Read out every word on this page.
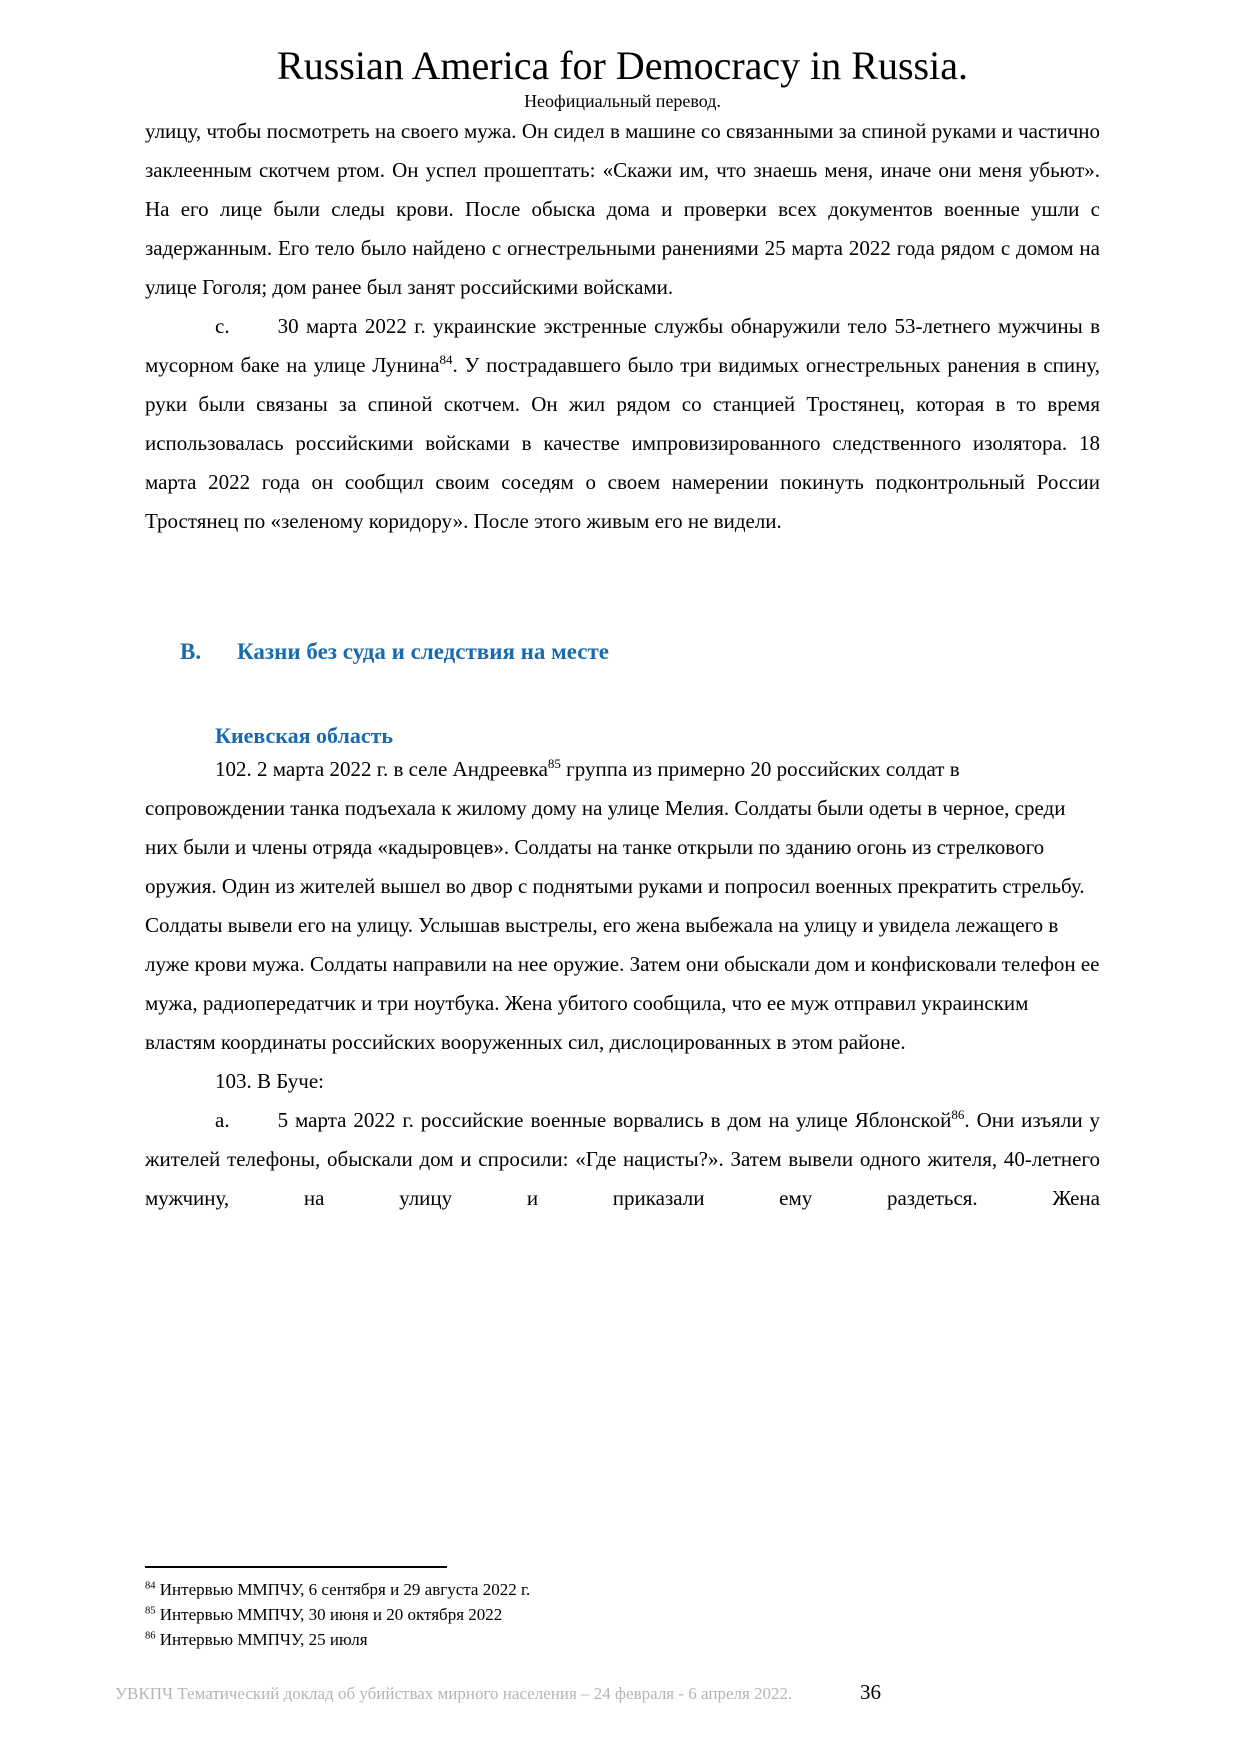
Russian America for Democracy in Russia.

Неофициальный перевод.

улицу, чтобы посмотреть на своего мужа. Он сидел в машине со связанными за спиной руками и частично заклеенным скотчем ртом. Он успел прошептать: «Скажи им, что знаешь меня, иначе они меня убьют». На его лице были следы крови. После обыска дома и проверки всех документов военные ушли с задержанным. Его тело было найдено с огнестрельными ранениями 25 марта 2022 года рядом с домом на улице Гоголя; дом ранее был занят российскими войсками.

c. 30 марта 2022 г. украинские экстренные службы обнаружили тело 53-летнего мужчины в мусорном баке на улице Лунина$^{84}$. У пострадавшего было три видимых огнестрельных ранения в спину, руки были связаны за спиной скотчем. Он жил рядом со станцией Тростянец, которая в то время использовалась российскими войсками в качестве импровизированного следственного изолятора. 18 марта 2022 года он сообщил своим соседям о своем намерении покинуть подконтрольный России Тростянец по «зеленому коридору». После этого живым его не видели.

B. Казни без суда и следствия на месте
Киевская область

102. 2 марта 2022 г. в селе Андреевка$^{85}$ группа из примерно 20 российских солдат в сопровождении танка подъехала к жилому дому на улице Мелия. Солдаты были одеты в черное, среди них были и члены отряда «кадыровцев». Солдаты на танке открыли по зданию огонь из стрелкового оружия. Один из жителей вышел во двор с поднятыми руками и попросил военных прекратить стрельбу. Солдаты вывели его на улицу. Услышав выстрелы, его жена выбежала на улицу и увидела лежащего в луже крови мужа. Солдаты направили на нее оружие. Затем они обыскали дом и конфисковали телефон ее мужа, радиопередатчик и три ноутбука. Жена убитого сообщила, что ее муж отправил украинским властям координаты российских вооруженных сил, дислоцированных в этом районе.

103. В Буче:

a. 5 марта 2022 г. российские военные ворвались в дом на улице Яблонской$^{86}$. Они изъяли у жителей телефоны, обыскали дом и спросили: «Где нацисты?». Затем вывели одного жителя, 40-летнего мужчину, на улицу и приказали ему раздеться. Жена

$^{84}$ Интервью ММПЧУ, 6 сентября и 29 августа 2022 г.

$^{85}$ Интервью ММПЧУ, 30 июня и 20 октября 2022

$^{86}$ Интервью ММПЧУ, 25 июля

УВКПЧ Тематический доклад об убийствах мирного населения – 24 февраля - 6 апреля 2022.	36
